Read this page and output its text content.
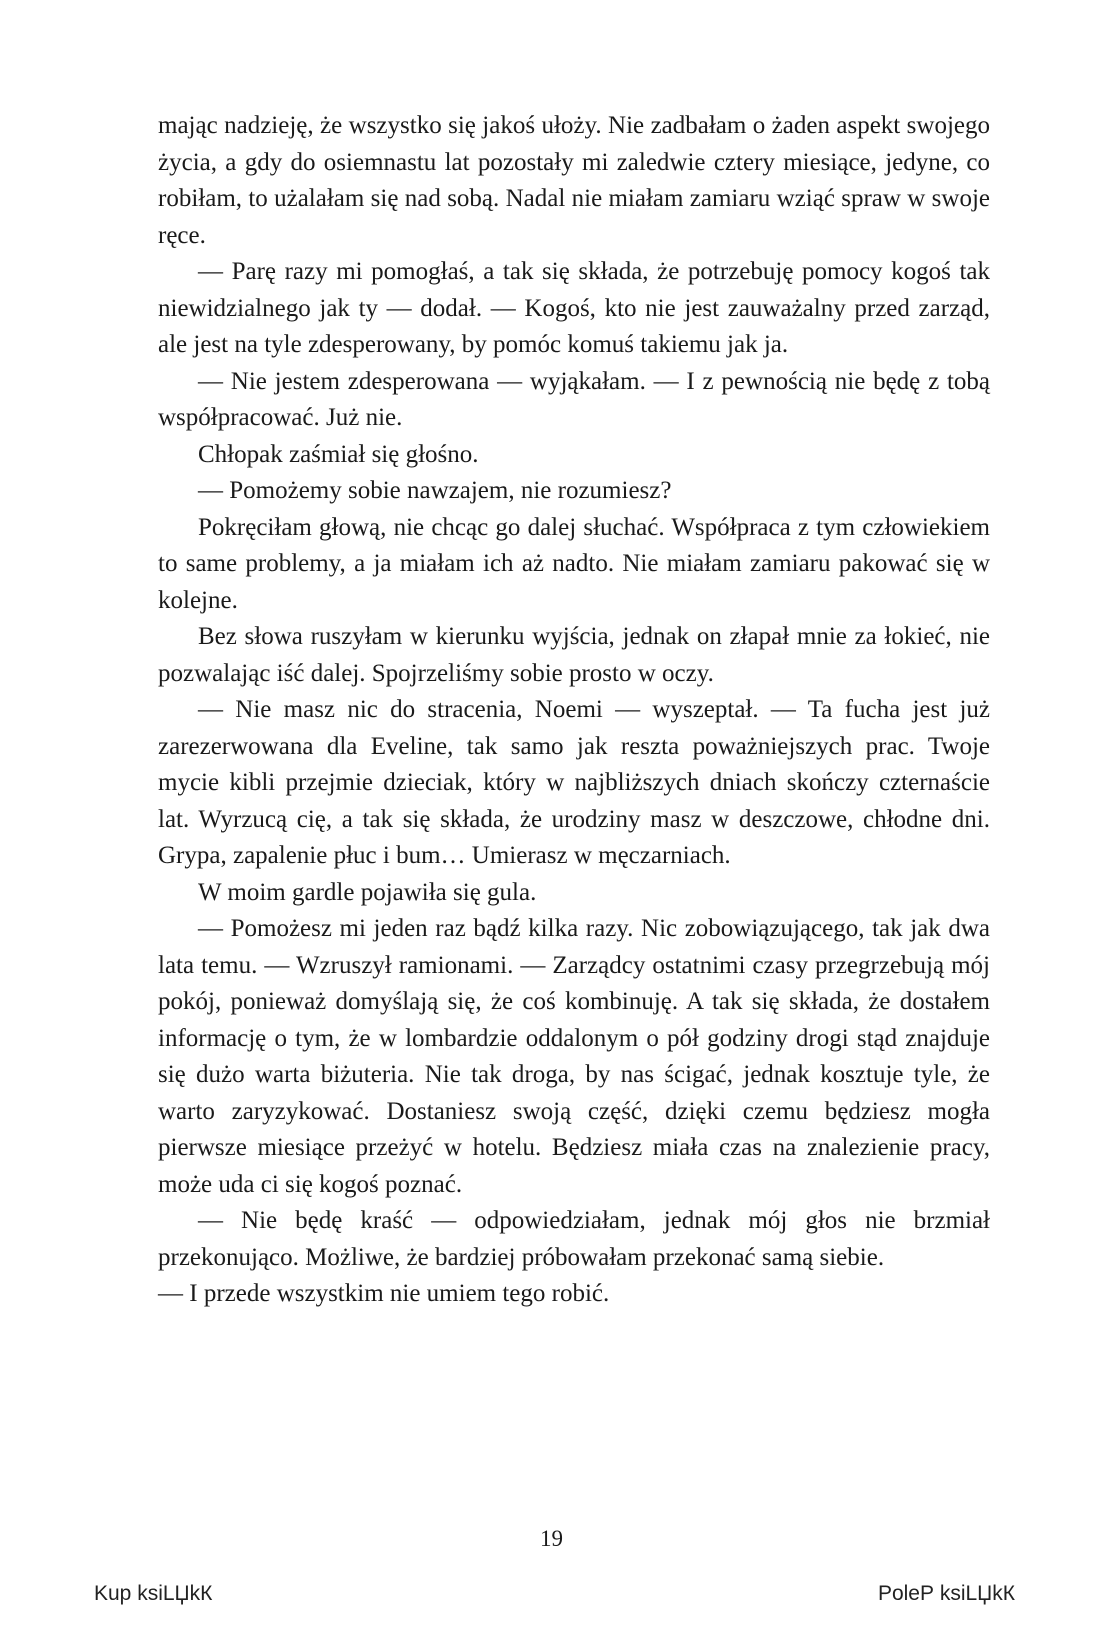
mając nadzieję, że wszystko się jakoś ułoży. Nie zadbałam o żaden aspekt swojego życia, a gdy do osiemnastu lat pozostały mi zaledwie cztery miesiące, jedyne, co robiłam, to użalałam się nad sobą. Nadal nie miałam zamiaru wziąć spraw w swoje ręce.

— Parę razy mi pomogłaś, a tak się składa, że potrzebuję pomocy kogoś tak niewidzialnego jak ty — dodał. — Kogoś, kto nie jest zauważalny przed zarząd, ale jest na tyle zdesperowany, by pomóc komuś takiemu jak ja.

— Nie jestem zdesperowana — wyjąkałam. — I z pewnością nie będę z tobą współpracować. Już nie.

Chłopak zaśmiał się głośno.

— Pomożemy sobie nawzajem, nie rozumiesz?

Pokręciłam głową, nie chcąc go dalej słuchać. Współpraca z tym człowiekiem to same problemy, a ja miałam ich aż nadto. Nie miałam zamiaru pakować się w kolejne.

Bez słowa ruszyłam w kierunku wyjścia, jednak on złapał mnie za łokieć, nie pozwalając iść dalej. Spojrzeliśmy sobie prosto w oczy.

— Nie masz nic do stracenia, Noemi — wyszeptał. — Ta fucha jest już zarezerwowana dla Eveline, tak samo jak reszta poważniejszych prac. Twoje mycie kibli przejmie dzieciak, który w najbliższych dniach skończy czternaście lat. Wyrzucą cię, a tak się składa, że urodziny masz w deszczowe, chłodne dni. Grypa, zapalenie płuc i bum… Umierasz w męczarniach.

W moim gardle pojawiła się gula.

— Pomożesz mi jeden raz bądź kilka razy. Nic zobowiązującego, tak jak dwa lata temu. — Wzruszył ramionami. — Zarządcy ostatnimi czasy przegrzebują mój pokój, ponieważ domyślają się, że coś kombinuję. A tak się składa, że dostałem informację o tym, że w lombardzie oddalonym o pół godziny drogi stąd znajduje się dużo warta biżuteria. Nie tak droga, by nas ścigać, jednak kosztuje tyle, że warto zaryzykować. Dostaniesz swoją część, dzięki czemu będziesz mogła pierwsze miesiące przeżyć w hotelu. Będziesz miała czas na znalezienie pracy, może uda ci się kogoś poznać.

— Nie będę kraść — odpowiedziałam, jednak mój głos nie brzmiał przekonująco. Możliwe, że bardziej próbowałam przekonać samą siebie.

— I przede wszystkim nie umiem tego robić.

19
Kup ksiLЏkК	PoleР ksiLЏkК
